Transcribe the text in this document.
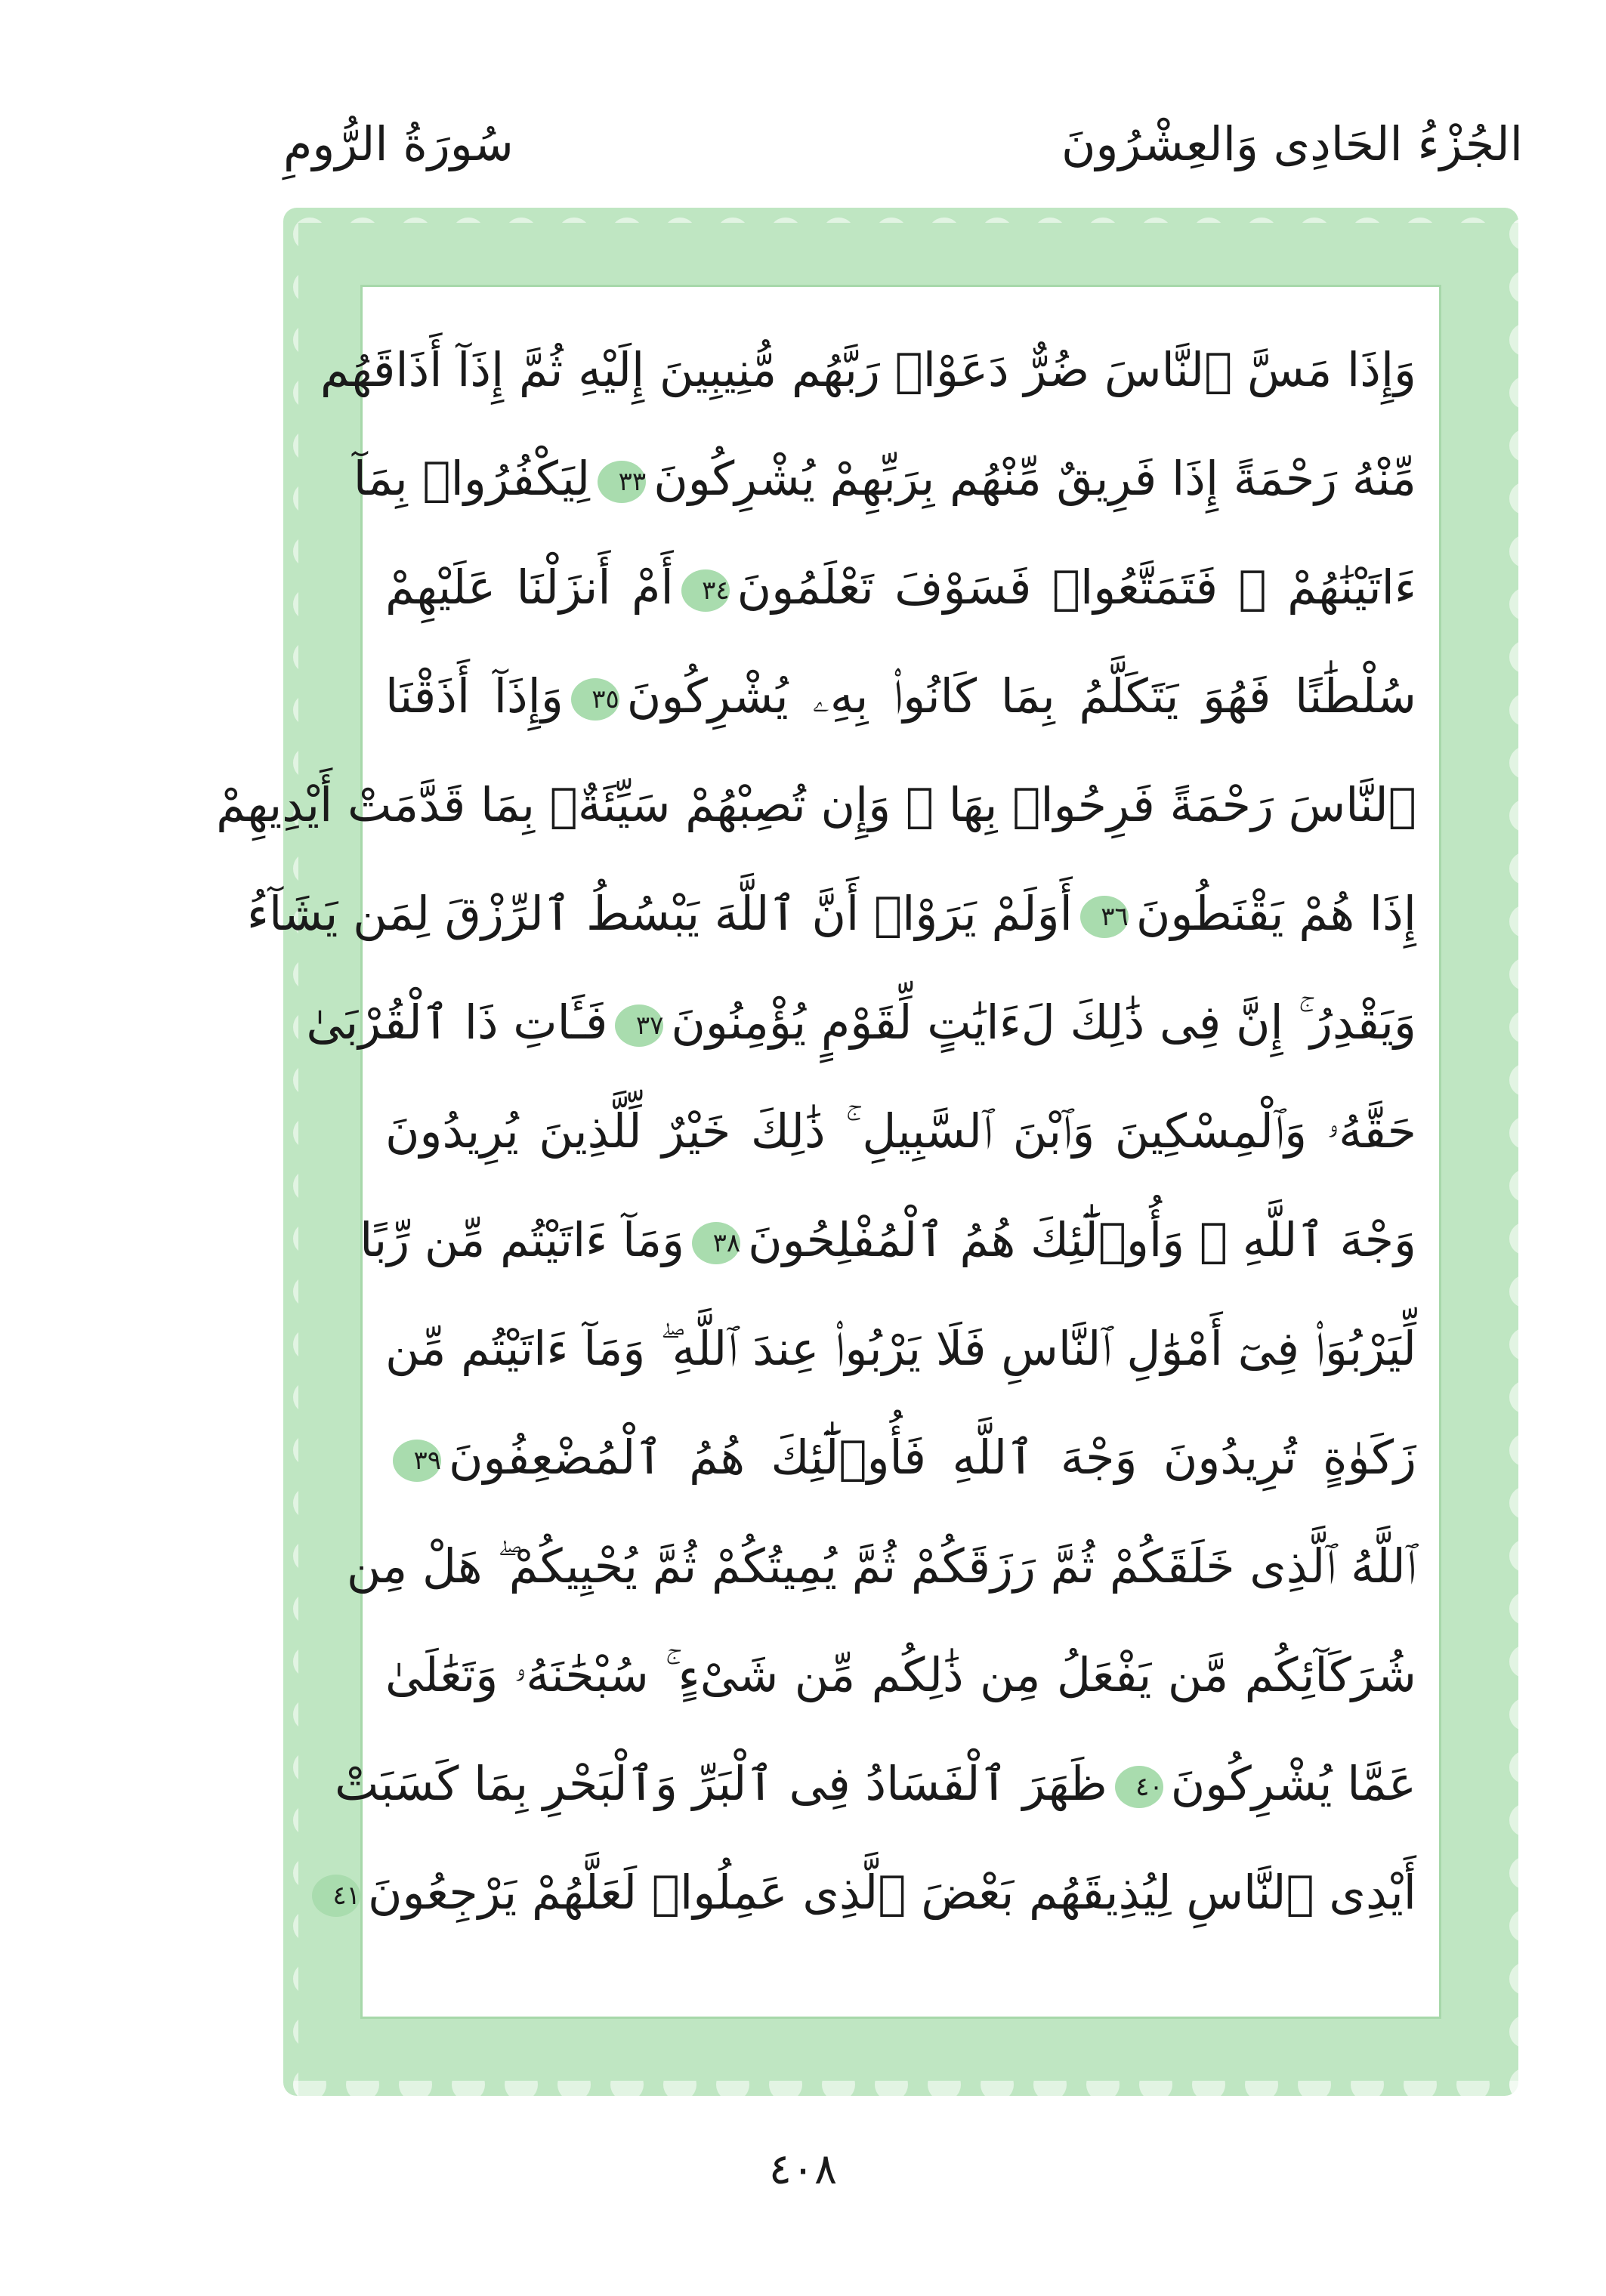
الجُزْءُ الحَادِى وَالعِشْرُونَ
سُورَةُ الرُّومِ
وَإِذَا مَسَّ ٱلنَّاسَ ضُرٌّ دَعَوْا۟ رَبَّهُم مُّنِيبِينَ إِلَيْهِ ثُمَّ إِذَآ أَذَاقَهُم
مِّنْهُ رَحْمَةً إِذَا فَرِيقٌ مِّنْهُم بِرَبِّهِمْ يُشْرِكُونَ٣٣لِيَكْفُرُوا۟ بِمَآ
ءَاتَيْنَٰهُمْ ۚ فَتَمَتَّعُوا۟ فَسَوْفَ تَعْلَمُونَ٣٤أَمْ أَنزَلْنَا عَلَيْهِمْ
سُلْطَٰنًا فَهُوَ يَتَكَلَّمُ بِمَا كَانُوا۟ بِهِۦ يُشْرِكُونَ٣٥وَإِذَآ أَذَقْنَا
ٱلنَّاسَ رَحْمَةً فَرِحُوا۟ بِهَا ۖ وَإِن تُصِبْهُمْ سَيِّئَةٌۢ بِمَا قَدَّمَتْ أَيْدِيهِمْ
إِذَا هُمْ يَقْنَطُونَ٣٦أَوَلَمْ يَرَوْا۟ أَنَّ ٱللَّهَ يَبْسُطُ ٱلرِّزْقَ لِمَن يَشَآءُ
وَيَقْدِرُ ۚ إِنَّ فِى ذَٰلِكَ لَءَايَٰتٍ لِّقَوْمٍ يُؤْمِنُونَ٣٧فَـَٔاتِ ذَا ٱلْقُرْبَىٰ
حَقَّهُۥ وَٱلْمِسْكِينَ وَٱبْنَ ٱلسَّبِيلِ ۚ ذَٰلِكَ خَيْرٌ لِّلَّذِينَ يُرِيدُونَ
وَجْهَ ٱللَّهِ ۖ وَأُو۟لَٰٓئِكَ هُمُ ٱلْمُفْلِحُونَ٣٨وَمَآ ءَاتَيْتُم مِّن رِّبًا
لِّيَرْبُوَا۟ فِىٓ أَمْوَٰلِ ٱلنَّاسِ فَلَا يَرْبُوا۟ عِندَ ٱللَّهِ ۖ وَمَآ ءَاتَيْتُم مِّن
زَكَوٰةٍ تُرِيدُونَ وَجْهَ ٱللَّهِ فَأُو۟لَٰٓئِكَ هُمُ ٱلْمُضْعِفُونَ٣٩
ٱللَّهُ ٱلَّذِى خَلَقَكُمْ ثُمَّ رَزَقَكُمْ ثُمَّ يُمِيتُكُمْ ثُمَّ يُحْيِيكُمْ ۖ هَلْ مِن
شُرَكَآئِكُم مَّن يَفْعَلُ مِن ذَٰلِكُم مِّن شَىْءٍ ۚ سُبْحَٰنَهُۥ وَتَعَٰلَىٰ
عَمَّا يُشْرِكُونَ٤٠ظَهَرَ ٱلْفَسَادُ فِى ٱلْبَرِّ وَٱلْبَحْرِ بِمَا كَسَبَتْ
أَيْدِى ٱلنَّاسِ لِيُذِيقَهُم بَعْضَ ٱلَّذِى عَمِلُوا۟ لَعَلَّهُمْ يَرْجِعُونَ٤١
٤٠٨
